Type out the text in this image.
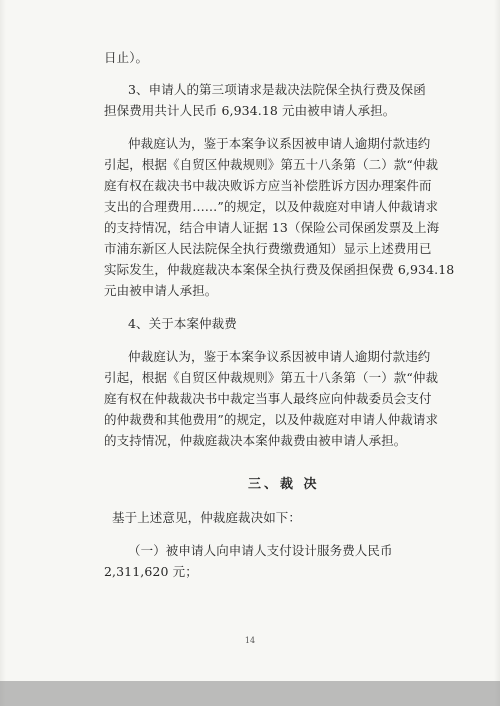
日止）。
3、申请人的第三项请求是裁决法院保全执行费及保函
担保费用共计人民币 6,934.18 元由被申请人承担。
仲裁庭认为，鉴于本案争议系因被申请人逾期付款违约
引起，根据《自贸区仲裁规则》第五十八条第（二）款“仲裁
庭有权在裁决书中裁决败诉方应当补偿胜诉方因办理案件而
支出的合理费用……”的规定，以及仲裁庭对申请人仲裁请求
的支持情况，结合申请人证据 13（保险公司保函发票及上海
市浦东新区人民法院保全执行费缴费通知）显示上述费用已
实际发生，仲裁庭裁决本案保全执行费及保函担保费 6,934.18
元由被申请人承担。
4、关于本案仲裁费
仲裁庭认为，鉴于本案争议系因被申请人逾期付款违约
引起，根据《自贸区仲裁规则》第五十八条第（一）款“仲裁
庭有权在仲裁裁决书中裁定当事人最终应向仲裁委员会支付
的仲裁费和其他费用”的规定，以及仲裁庭对申请人仲裁请求
的支持情况，仲裁庭裁决本案仲裁费由被申请人承担。
三、裁 决
基于上述意见，仲裁庭裁决如下：
（一）被申请人向申请人支付设计服务费人民币
2,311,620 元；
14
